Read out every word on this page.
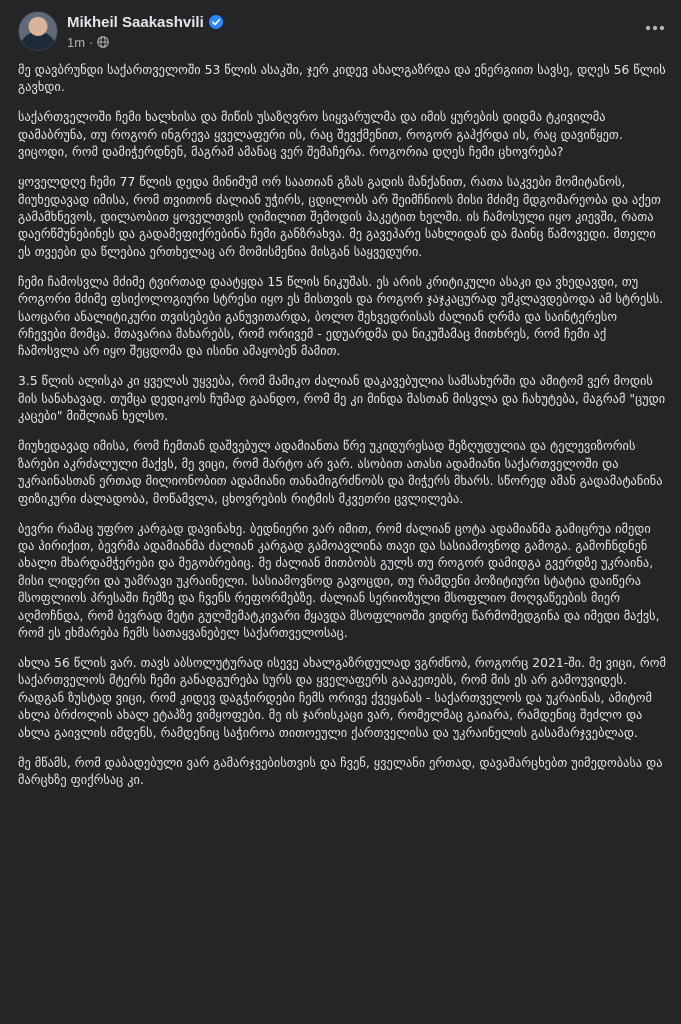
Mikheil Saakashvili
1m ·

მე დავბრუნდი საქართველოში 53 წლის ასაკში, ჯერ კიდევ ახალგაზრდა და ენერგიით სავსე, დღეს 56 წლის გავხდი.

საქართველოში ჩემი ხალხისა და მიწის უსაზღვრო სიყვარულმა და იმის ყურების დიდმა ტკივილმა დამაბრუნა, თუ როგორ ინგრევა ყველაფერი ის, რაც შევქმენით, როგორ გაჰქრდა ის, რაც დავიწყეთ. ვიცოდი, რომ დამიჭერდნენ, მაგრამ ამანაც ვერ შემაჩერა. როგორია დღეს ჩემი ცხოვრება?

ყოველდღე ჩემი 77 წლის დედა მინიმუმ ორ საათიან გზას გადის მანქანით, რათა საკვები მომიტანოს, მიუხედავად იმისა, რომ თვითონ ძალიან უჭირს, ცდილობს არ შეიმჩნიოს მისი მძიმე მდგომარეობა და აქეთ გამამხნევოს, დილაობით ყოველთვის ღიმილით შემოდის პაკეტით ხელში. ის ჩამოსული იყო კიევში, რათა დაერწმუნებინეს და გადამეფიქრებინა ჩემი განზრახვა. მე გავეპარე სახლიდან და მაინც წამოვედი. მთელი ეს თვეები და წლებია ერთხელაც არ მომისმენია მისგან საყვედური.

ჩემი ჩამოსვლა მძიმე ტვირთად დაატყდა 15 წლის ნიკუშას. ეს არის კრიტიკული ასაკი და ვხედავდი, თუ როგორი მძიმე ფსიქოლოგიური სტრესი იყო ეს მისთვის და როგორ ჯაჯკაცურად უმკლავდებოდა ამ სტრესს. საოცარი ანალიტიკური თვისებები განუვითარდა, ბოლო შეხვედრისას ძალიან ღრმა და საინტერესო რჩევები მომცა. მთავარია მახარებს, რომ ორივემ - ედუარდმა და ნიკუშამაც მითხრეს, რომ ჩემი აქ ჩამოსვლა არ იყო შეცდომა და ისინი ამაყობენ მამით.

3.5 წლის ალისკა კი ყველას უყვება, რომ მამიკო ძალიან დაკავებულია სამსახურში და ამიტომ ვერ მოდის მის სანახავად. თუმცა დედიკოს ჩუმად გაანდო, რომ მე კი მინდა მასთან მისვლა და ჩახუტება, მაგრამ "ცუდი კაცები" მიშლიან ხელსო.

მიუხედავად იმისა, რომ ჩემთან დაშვებულ ადამიანთა წრე უკიდურესად შეზღუდულია და ტელევიზორის ზარები აკრძალული მაქვს, მე ვიცი, რომ მარტო არ ვარ. ასობით ათასი ადამიანი საქართველოში და უკრაინასთან ერთად მილიონობით ადამიანი თანამიგრძნობს და მიჭერს მხარს. სწორედ ამან გადამატანინა ფიზიკური ძალადობა, მოწამვლა, ცხოვრების რიტმის მკვეთრი ცვლილება.

ბევრი რამაც უფრო კარგად დავინახე. ბედნიერი ვარ იმით, რომ ძალიან ცოტა ადამიანმა გამიცრუა იმედი და პირიქით, ბევრმა ადამიანმა ძალიან კარგად გამოავლინა თავი და სასიამოვნოდ გამოგა. გამოჩნდნენ ახალი მხარდამჭერები და მეგობრებიც. მე ძალიან მითბობს გულს თუ როგორ დამიდგა გვერდზე უკრაინა, მისი ლიდერი და უამრავი უკრაინელი. სასიამოვნოდ გავოცდი, თუ რამდენი პოზიტიური სტატია დაიწერა მსოფლიოს პრესაში ჩემზე და ჩვენს რეფორმებზე. ძალიან სერიოზული მსოფლიო მოღვაწეების მიერ აღმოჩნდა, რომ ბევრად მეტი გულშემატკივარი მყავდა მსოფლიოში ვიდრე წარმომედგინა და იმედი მაქვს, რომ ეს ეხმარება ჩემს სათაყვანებელ საქართველოსაც.

ახლა 56 წლის ვარ. თავს აბსოლუტურად ისევე ახალგაზრდულად ვგრძნობ, როგორც 2021-ში. მე ვიცი, რომ საქართველოს მტერს ჩემი განადგურება სურს და ყველაფერს გააკეთებს, რომ მის ეს არ გამოუვიდეს. რადგან ზუსტად ვიცი, რომ კიდევ დაგჭირდები ჩემს ორივე ქვეყანას - საქართველოს და უკრაინას, ამიტომ ახლა ბრძოლის ახალ ეტაპზე ვიმყოფები. მე ის ჯარისკაცი ვარ, რომელმაც გაიარა, რამდენიც შეძლო და ახლა გაივლის იმდენს, რამდენიც საჭიროა თითოეული ქართველისა და უკრაინელის გასამარჯვებლად.

მე მწამს, რომ დაბადებული ვარ გამარჯვებისთვის და ჩვენ, ყველანი ერთად, დავამარცხებთ უიმედობასა და მარცხზე ფიქრსაც კი.
